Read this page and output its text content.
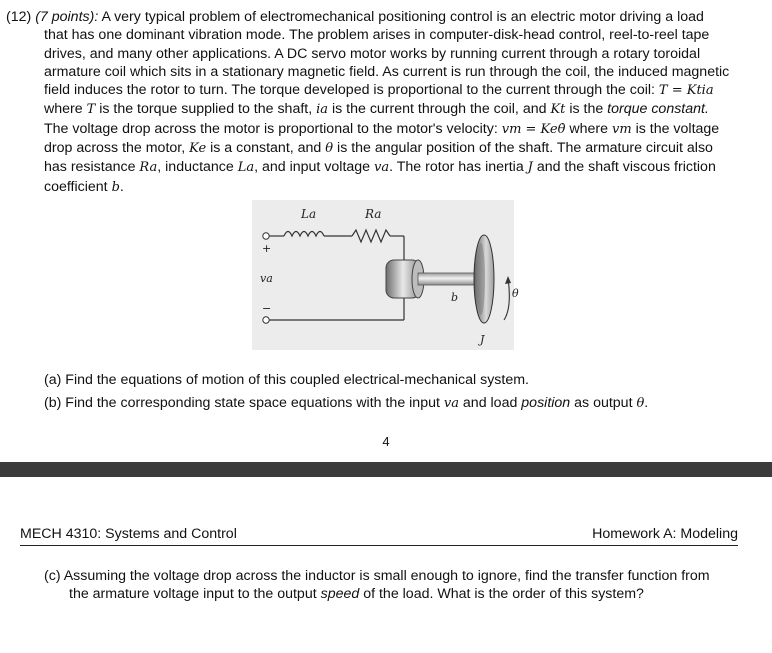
(12) (7 points): A very typical problem of electromechanical positioning control is an electric motor driving a load
that has one dominant vibration mode. The problem arises in computer-disk-head control, reel-to-reel tape
drives, and many other applications. A DC servo motor works by running current through a rotary toroidal
armature coil which sits in a stationary magnetic field. As current is run through the coil, the induced magnetic
field induces the rotor to turn. The torque developed is proportional to the current through the coil: T = Ktia
where T is the torque supplied to the shaft, ia is the current through the coil, and Kt is the torque constant.
The voltage drop across the motor is proportional to the motor's velocity: vm = Keθ̇ where vm is the voltage
drop across the motor, Ke is a constant, and θ is the angular position of the shaft. The armature circuit also
has resistance Ra, inductance La, and input voltage va. The rotor has inertia J and the shaft viscous friction
coefficient b.
La	Ra
+
va
−
b	θ
J
(a) Find the equations of motion of this coupled electrical-mechanical system.
(b) Find the corresponding state space equations with the input va and load position as output θ.
4
MECH 4310: Systems and Control	Homework A: Modeling
(c) Assuming the voltage drop across the inductor is small enough to ignore, find the transfer function from
the armature voltage input to the output speed of the load. What is the order of this system?
